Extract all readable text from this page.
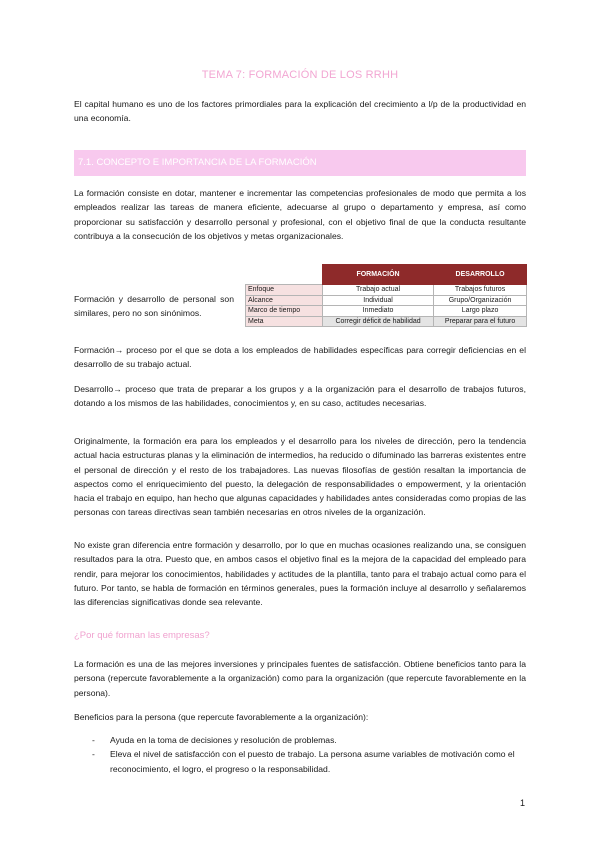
TEMA 7: FORMACIÓN DE LOS RRHH

El capital humano es uno de los factores primordiales para la explicación del crecimiento a l/p de la productividad en una economía.

7.1. CONCEPTO E IMPORTANCIA DE LA FORMACIÓN

La formación consiste en dotar, mantener e incrementar las competencias profesionales de modo que permita a los empleados realizar las tareas de manera eficiente, adecuarse al grupo o departamento y empresa, así como proporcionar su satisfacción y desarrollo personal y profesional, con el objetivo final de que la conducta resultante contribuya a la consecución de los objetivos y metas organizacionales.

Formación y desarrollo de personal son similares, pero no son sinónimos.
	FORMACIÓN	DESARROLLO
Enfoque	Trabajo actual	Trabajos futuros
Alcance	Individual	Grupo/Organización
Marco de tiempo	Inmediato	Largo plazo
Meta	Corregir déficit de habilidad	Preparar para el futuro

Formación→ proceso por el que se dota a los empleados de habilidades específicas para corregir deficiencias en el desarrollo de su trabajo actual.

Desarrollo→ proceso que trata de preparar a los grupos y a la organización para el desarrollo de trabajos futuros, dotando a los mismos de las habilidades, conocimientos y, en su caso, actitudes necesarias.

Originalmente, la formación era para los empleados y el desarrollo para los niveles de dirección, pero la tendencia actual hacia estructuras planas y la eliminación de intermedios, ha reducido o difuminado las barreras existentes entre el personal de dirección y el resto de los trabajadores. Las nuevas filosofías de gestión resaltan la importancia de aspectos como el enriquecimiento del puesto, la delegación de responsabilidades o empowerment, y la orientación hacia el trabajo en equipo, han hecho que algunas capacidades y habilidades antes consideradas como propias de las personas con tareas directivas sean también necesarias en otros niveles de la organización.

No existe gran diferencia entre formación y desarrollo, por lo que en muchas ocasiones realizando una, se consiguen resultados para la otra. Puesto que, en ambos casos el objetivo final es la mejora de la capacidad del empleado para rendir, para mejorar los conocimientos, habilidades y actitudes de la plantilla, tanto para el trabajo actual como para el futuro. Por tanto, se habla de formación en términos generales, pues la formación incluye al desarrollo y señalaremos las diferencias significativas donde sea relevante.

¿Por qué forman las empresas?

La formación es una de las mejores inversiones y principales fuentes de satisfacción. Obtiene beneficios tanto para la persona (repercute favorablemente a la organización) como para la organización (que repercute favorablemente en la persona).

Beneficios para la persona (que repercute favorablemente a la organización):

- Ayuda en la toma de decisiones y resolución de problemas.
- Eleva el nivel de satisfacción con el puesto de trabajo. La persona asume variables de motivación como el reconocimiento, el logro, el progreso o la responsabilidad.
1
